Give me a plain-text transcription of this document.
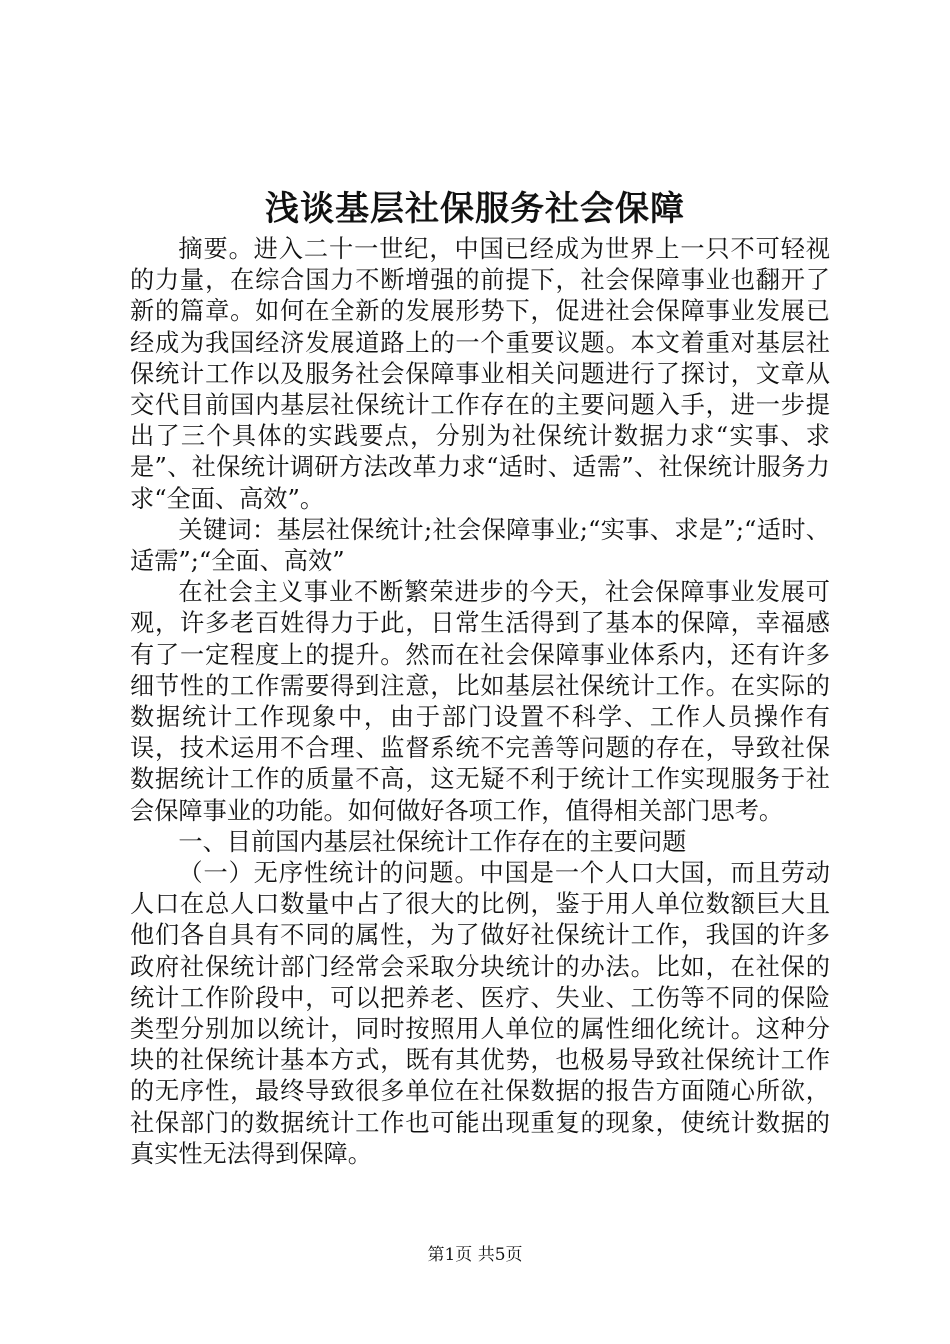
浅谈基层社保服务社会保障

摘要。进入二十一世纪，中国已经成为世界上一只不可轻视的力量，在综合国力不断增强的前提下，社会保障事业也翻开了新的篇章。如何在全新的发展形势下，促进社会保障事业发展已经成为我国经济发展道路上的一个重要议题。本文着重对基层社保统计工作以及服务社会保障事业相关问题进行了探讨，文章从交代目前国内基层社保统计工作存在的主要问题入手，进一步提出了三个具体的实践要点，分别为社保统计数据力求“实事、求是”、社保统计调研方法改革力求“适时、适需”、社保统计服务力求“全面、高效”。

关键词：基层社保统计;社会保障事业;“实事、求是”;“适时、适需”;“全面、高效”

在社会主义事业不断繁荣进步的今天，社会保障事业发展可观，许多老百姓得力于此，日常生活得到了基本的保障，幸福感有了一定程度上的提升。然而在社会保障事业体系内，还有许多细节性的工作需要得到注意，比如基层社保统计工作。在实际的数据统计工作现象中，由于部门设置不科学、工作人员操作有误，技术运用不合理、监督系统不完善等问题的存在，导致社保数据统计工作的质量不高，这无疑不利于统计工作实现服务于社会保障事业的功能。如何做好各项工作，值得相关部门思考。

一、目前国内基层社保统计工作存在的主要问题

（一）无序性统计的问题。中国是一个人口大国，而且劳动人口在总人口数量中占了很大的比例，鉴于用人单位数额巨大且他们各自具有不同的属性，为了做好社保统计工作，我国的许多政府社保统计部门经常会采取分块统计的办法。比如，在社保的统计工作阶段中，可以把养老、医疗、失业、工伤等不同的保险类型分别加以统计，同时按照用人单位的属性细化统计。这种分块的社保统计基本方式，既有其优势，也极易导致社保统计工作的无序性，最终导致很多单位在社保数据的报告方面随心所欲，社保部门的数据统计工作也可能出现重复的现象，使统计数据的真实性无法得到保障。

第1页 共5页
